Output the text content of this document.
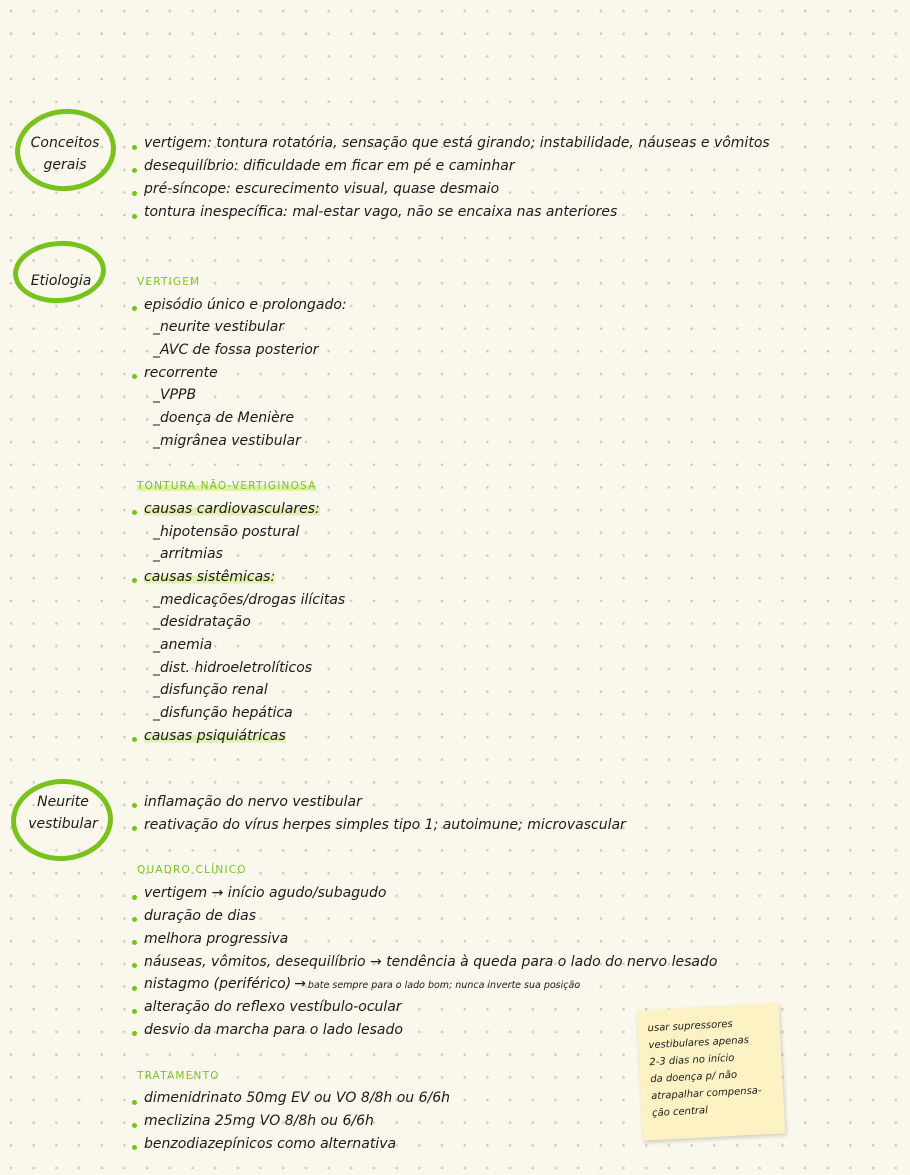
Conceitos
gerais
vertigem: tontura rotatória, sensação que está girando; instabilidade, náuseas e vômitos
desequilíbrio: dificuldade em ficar em pé e caminhar
pré-síncope: escurecimento visual, quase desmaio
tontura inespecífica: mal-estar vago, não se encaixa nas anteriores
Etiologia	VERTIGEM
episódio único e prolongado:
_neurite vestibular
_AVC de fossa posterior
recorrente
_VPPB
_doença de Menière
_migrânea vestibular
TONTURA NÃO-VERTIGINOSA
causas cardiovasculares:
_hipotensão postural
_arritmias
causas sistêmicas:
_medicações/drogas ilícitas
_desidratação
_anemia
_dist. hidroeletrolíticos
_disfunção renal
_disfunção hepática
causas psiquiátricas
Neurite
vestibular
inflamação do nervo vestibular
reativação do vírus herpes simples tipo 1; autoimune; microvascular
QUADRO CLÍNICO
vertigem → início agudo/subagudo
duração de dias
melhora progressiva
náuseas, vômitos, desequilíbrio → tendência à queda para o lado do nervo lesado
nistagmo (periférico) → bate sempre para o lado bom; nunca inverte sua posição
alteração do reflexo vestíbulo-ocular
desvio da marcha para o lado lesado
TRATAMENTO
dimenidrinato 50mg EV ou VO 8/8h ou 6/6h
meclizina 25mg VO 8/8h ou 6/6h
benzodiazepínicos como alternativa
usar supressores
vestibulares apenas
2-3 dias no início
da doença p/ não
atrapalhar compensa-
ção central
